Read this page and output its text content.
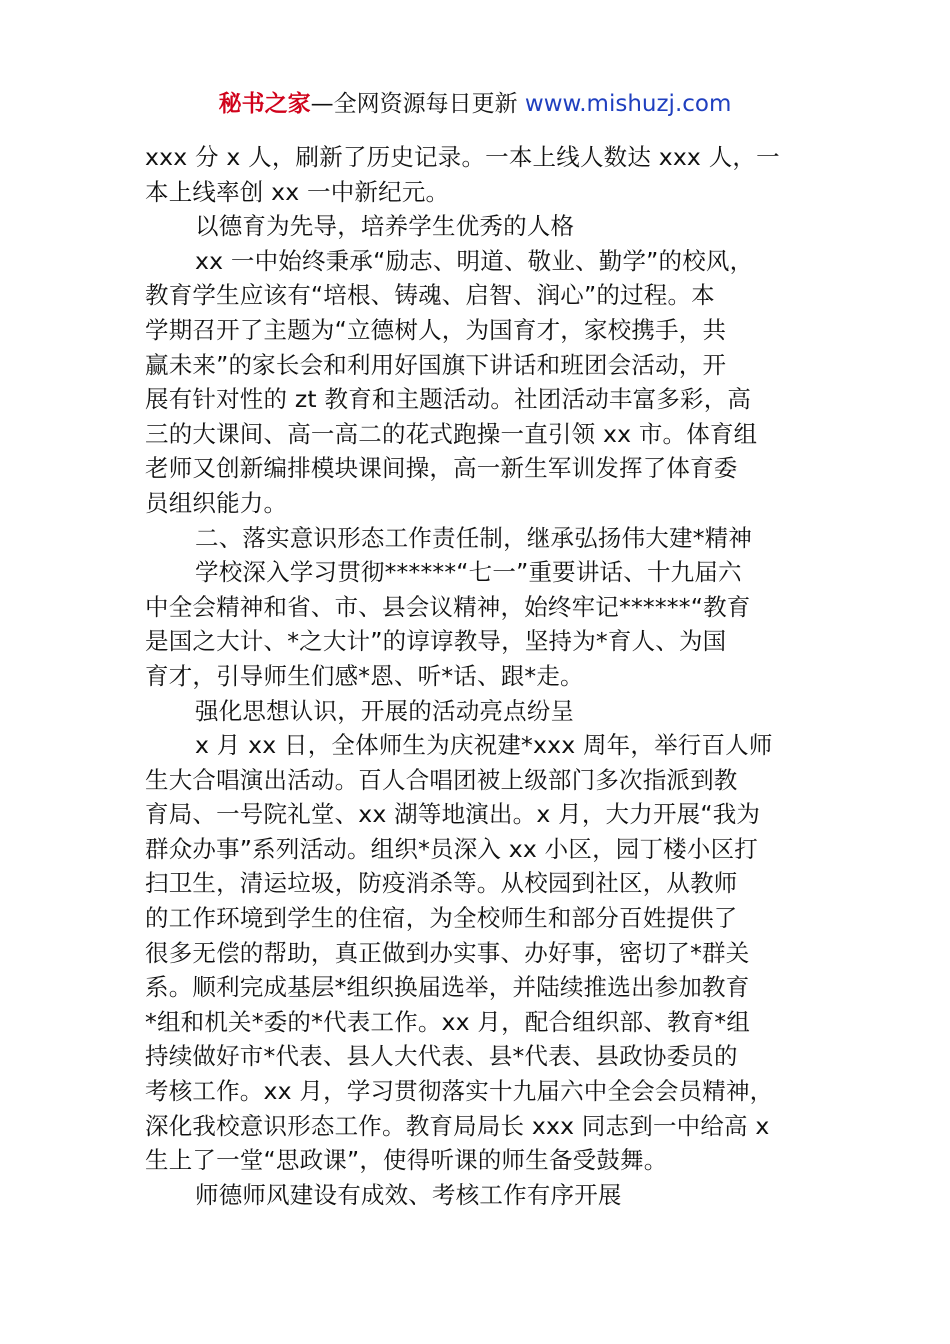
秘书之家—全网资源每日更新 www.mishuzj.com
xxx 分 x 人，刷新了历史记录。一本上线人数达 xxx 人，一
本上线率创 xx 一中新纪元。
以德育为先导，培养学生优秀的人格
xx 一中始终秉承“励志、明道、敬业、勤学”的校风，
教育学生应该有“培根、铸魂、启智、润心”的过程。本
学期召开了主题为“立德树人，为国育才，家校携手，共
赢未来”的家长会和利用好国旗下讲话和班团会活动，开
展有针对性的 zt 教育和主题活动。社团活动丰富多彩，高
三的大课间、高一高二的花式跑操一直引领 xx 市。体育组
老师又创新编排模块课间操，高一新生军训发挥了体育委
员组织能力。
二、落实意识形态工作责任制，继承弘扬伟大建*精神
学校深入学习贯彻******“七一”重要讲话、十九届六
中全会精神和省、市、县会议精神，始终牢记******“教育
是国之大计、*之大计”的谆谆教导，坚持为*育人、为国
育才，引导师生们感*恩、听*话、跟*走。
强化思想认识，开展的活动亮点纷呈
x 月 xx 日，全体师生为庆祝建*xxx 周年，举行百人师
生大合唱演出活动。百人合唱团被上级部门多次指派到教
育局、一号院礼堂、xx 湖等地演出。x 月，大力开展“我为
群众办事”系列活动。组织*员深入 xx 小区，园丁楼小区打
扫卫生，清运垃圾，防疫消杀等。从校园到社区，从教师
的工作环境到学生的住宿，为全校师生和部分百姓提供了
很多无偿的帮助，真正做到办实事、办好事，密切了*群关
系。顺利完成基层*组织换届选举，并陆续推选出参加教育
*组和机关*委的*代表工作。xx 月，配合组织部、教育*组
持续做好市*代表、县人大代表、县*代表、县政协委员的
考核工作。xx 月，学习贯彻落实十九届六中全会会员精神，
深化我校意识形态工作。教育局局长 xxx 同志到一中给高 x
生上了一堂“思政课”，使得听课的师生备受鼓舞。
师德师风建设有成效、考核工作有序开展
